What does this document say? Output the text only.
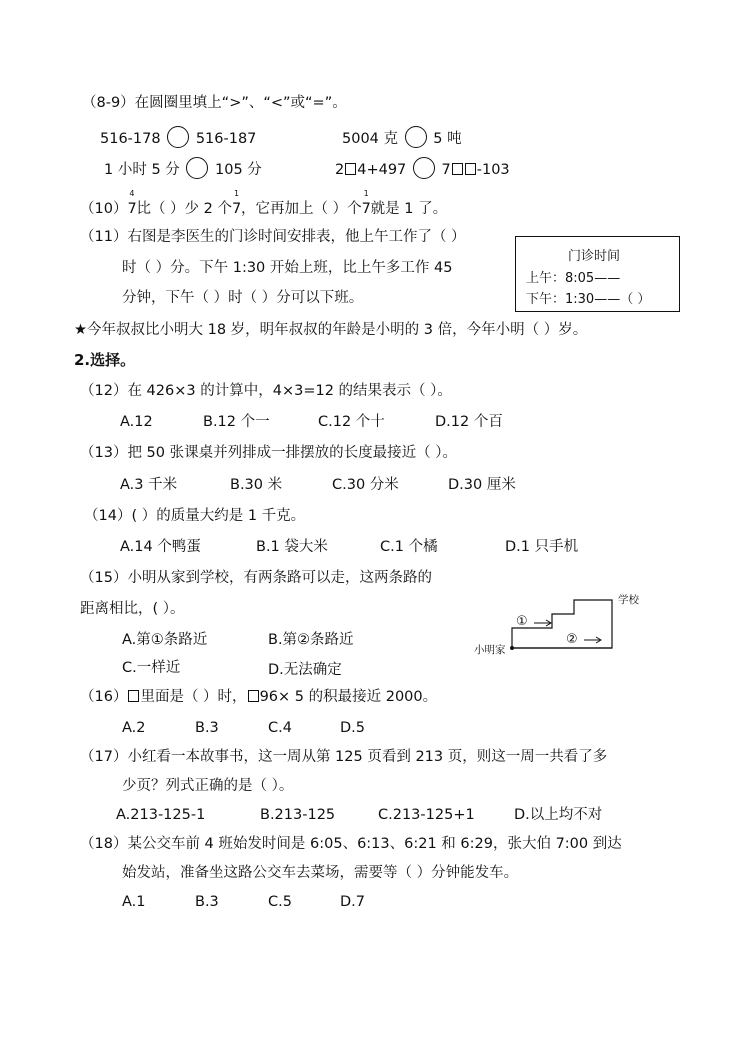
（8-9）在圆圈里填上“>”、“<”或“=”。
516-178 516-187	5004 克 5 吨
1 小时 5 分 105 分	2 4+497 7 -103
（10）
4
7比（ ）少 2 个
1
7，它再加上（ ）个
1
7就是 1 了。
（11）右图是李医生的门诊时间安排表，他上午工作了（ ）
时（ ）分。下午 1:30 开始上班，比上午多工作 45
分钟，下午（ ）时（ ）分可以下班。
门诊时间
上午：8:05——
下午：1:30——（ ）
★今年叔叔比小明大 18 岁，明年叔叔的年龄是小明的 3 倍，今年小明（ ）岁。
2.选择。
（12）在 426×3 的计算中，4×3=12 的结果表示（ ）。
A.12	B.12 个一	C.12 个十	D.12 个百
（13）把 50 张课桌并列排成一排摆放的长度最接近（ ）。
A.3 千米	B.30 米	C.30 分米	D.30 厘米
（14）( ）的质量大约是 1 千克。
A.14 个鸭蛋	B.1 袋大米	C.1 个橘	D.1 只手机
（15）小明从家到学校，有两条路可以走，这两条路的
距离相比，( ）。
A.第①条路近	B.第②条路近
C.一样近	D.无法确定
①
②
小明家
学校
（16） 里面是（ ）时， 96× 5 的积最接近 2000。
A.2	B.3	C.4	D.5
（17）小红看一本故事书，这一周从第 125 页看到 213 页，则这一周一共看了多
少页？列式正确的是（ ）。
A.213-125-1	B.213-125	C.213-125+1	D.以上均不对
（18）某公交车前 4 班始发时间是 6:05、6:13、6:21 和 6:29，张大伯 7:00 到达
始发站，准备坐这路公交车去菜场，需要等（ ）分钟能发车。
A.1	B.3	C.5	D.7
